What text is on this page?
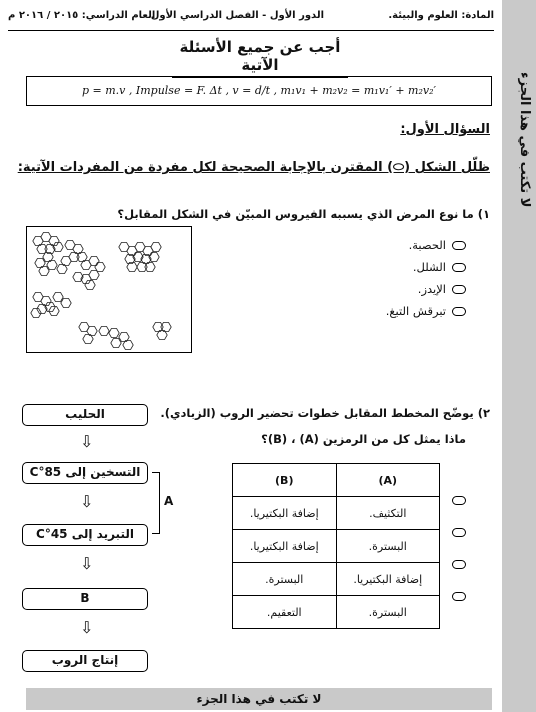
لا تكتب في هذا الجزء
المادة: العلوم والبيئة.
الدور الأول - الفصل الدراسي الأول
العام الدراسي: ٢٠١٥ / ٢٠١٦ م
أجب عن جميع الأسئلة الآتية
p = m.v , Impulse = F. Δt , v = d/t , m₁v₁ + m₂v₂ = m₁v₁′ + m₂v₂′
السؤال الأول:
ظلّل الشكل (⬭) المقترن بالإجابة الصحيحة لكل مفردة من المفردات الآتية:
١) ما نوع المرض الذي يسببه الفيروس المبيّن في الشكل المقابل؟
الحصبة.
الشلل.
الإيدز.
تبرقش التبغ.
٢) يوضّح المخطط المقابل خطوات تحضير الروب (الزبادي).
ماذا يمثل كل من الرمزين (A) ، (B)؟
(A)	(B)
التكثيف.	إضافة البكتيريا.
البسترة.	إضافة البكتيريا.
إضافة البكتيريا.	البسترة.
البسترة.	التعقيم.
الحليب
⇩
التسخين إلى 85°C
⇩
التبريد إلى 45°C
⇩
B
⇩
إنتاج الروب
A
لا تكتب في هذا الجزء
